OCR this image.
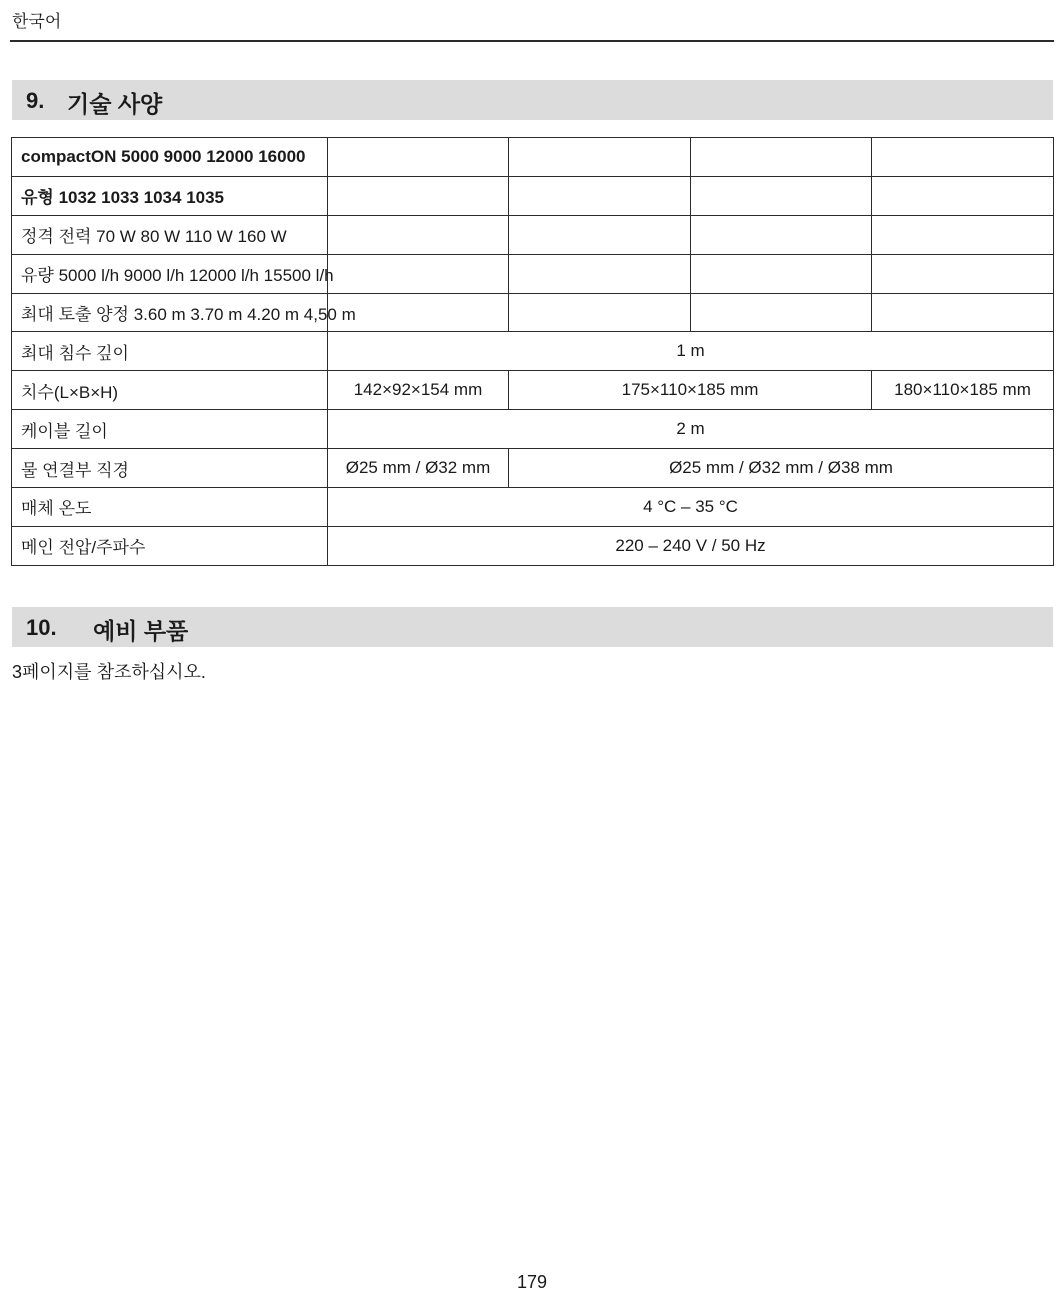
한국어
9. 기술 사양
compactON 5000 9000 12000 16000				
유형 1032 1033 1034 1035				
정격 전력 70 W 80 W 110 W 160 W				
유량 5000 l/h 9000 l/h 12000 l/h 15500 l/h				
최대 토출 양정 3.60 m 3.70 m 4.20 m 4,50 m				
최대 침수 깊이	1 m			
치수(L×B×H)	142×92×154 mm	175×110×185 mm		180×110×185 mm
케이블 길이	2 m			
물 연결부 직경	Ø25 mm / Ø32 mm	Ø25 mm / Ø32 mm / Ø38 mm		
매체 온도	4 °C – 35 °C			
메인 전압/주파수	220 – 240 V / 50 Hz			
10. 예비 부품
3페이지를 참조하십시오.
179
